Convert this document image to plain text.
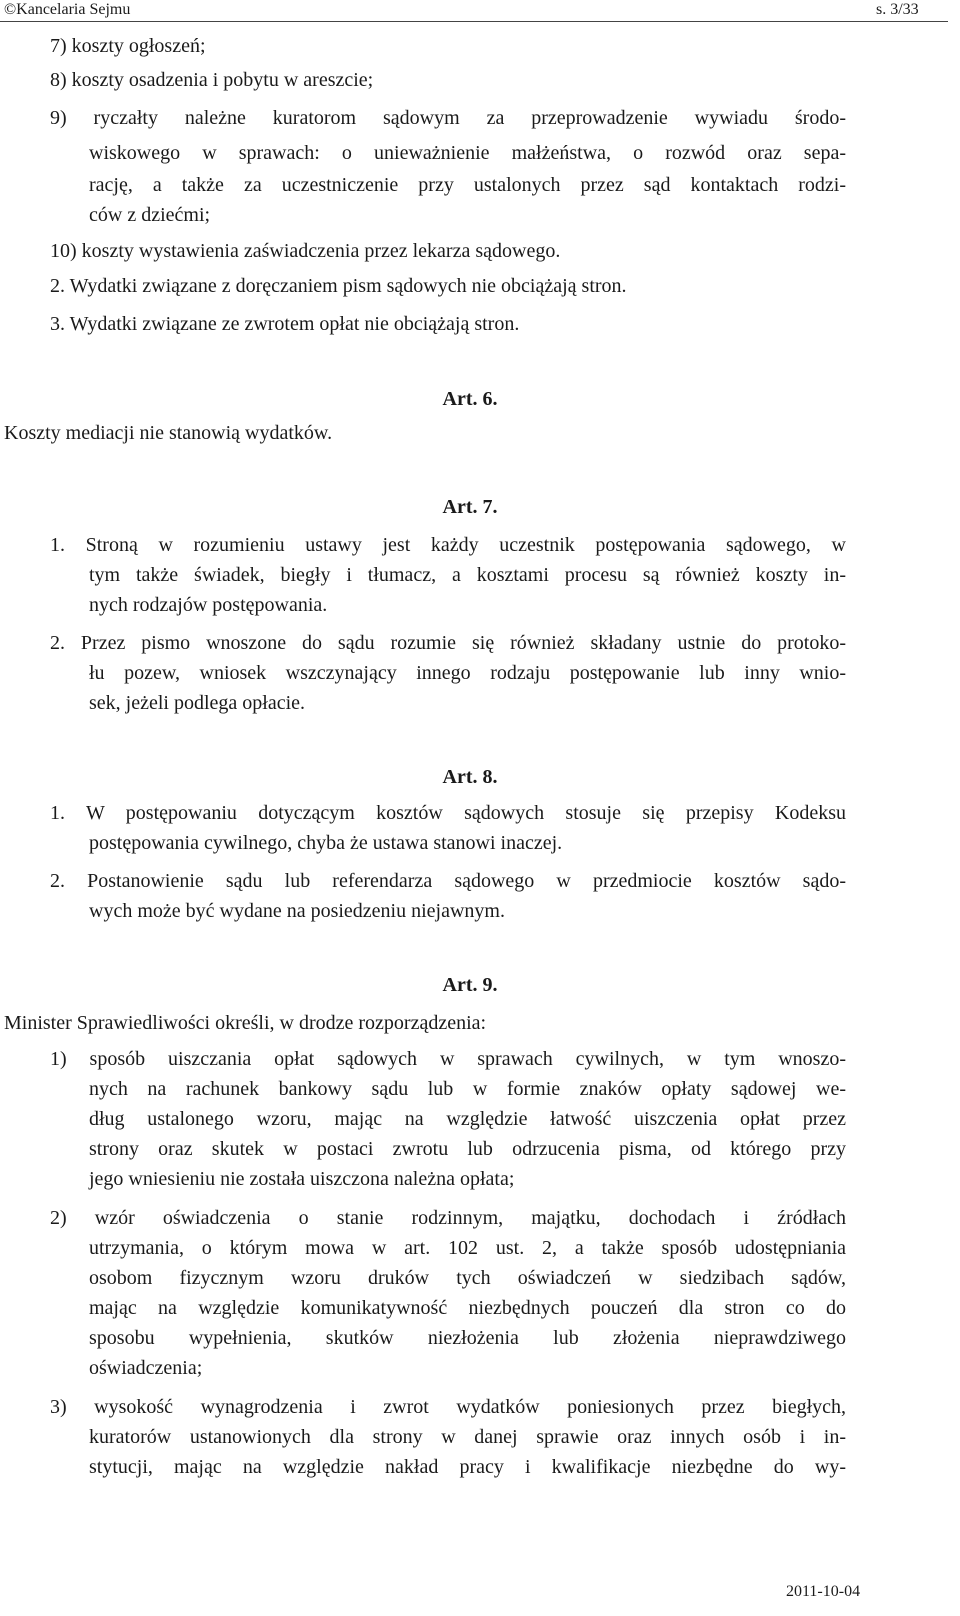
©Kancelaria Sejmu	s. 3/33
7) koszty ogłoszeń;
8) koszty osadzenia i pobytu w areszcie;
9) ryczałty należne kuratorom sądowym za przeprowadzenie wywiadu środo-
wiskowego w sprawach: o unieważnienie małżeństwa, o rozwód oraz sepa-
rację, a także za uczestniczenie przy ustalonych przez sąd kontaktach rodzi-
ców z dziećmi;
10) koszty wystawienia zaświadczenia przez lekarza sądowego.
2. Wydatki związane z doręczaniem pism sądowych nie obciążają stron.
3. Wydatki związane ze zwrotem opłat nie obciążają stron.
Art. 6.
Koszty mediacji nie stanowią wydatków.
Art. 7.
1. Stroną w rozumieniu ustawy jest każdy uczestnik postępowania sądowego, w
tym także świadek, biegły i tłumacz, a kosztami procesu są również koszty in-
nych rodzajów postępowania.
2. Przez pismo wnoszone do sądu rozumie się również składany ustnie do protoko-
łu pozew, wniosek wszczynający innego rodzaju postępowanie lub inny wnio-
sek, jeżeli podlega opłacie.
Art. 8.
1. W postępowaniu dotyczącym kosztów sądowych stosuje się przepisy Kodeksu
postępowania cywilnego, chyba że ustawa stanowi inaczej.
2. Postanowienie sądu lub referendarza sądowego w przedmiocie kosztów sądo-
wych może być wydane na posiedzeniu niejawnym.
Art. 9.
Minister Sprawiedliwości określi, w drodze rozporządzenia:
1) sposób uiszczania opłat sądowych w sprawach cywilnych, w tym wnoszo-
nych na rachunek bankowy sądu lub w formie znaków opłaty sądowej we-
dług ustalonego wzoru, mając na względzie łatwość uiszczenia opłat przez
strony oraz skutek w postaci zwrotu lub odrzucenia pisma, od którego przy
jego wniesieniu nie została uiszczona należna opłata;
2) wzór oświadczenia o stanie rodzinnym, majątku, dochodach i źródłach
utrzymania, o którym mowa w art. 102 ust. 2, a także sposób udostępniania
osobom fizycznym wzoru druków tych oświadczeń w siedzibach sądów,
mając na względzie komunikatywność niezbędnych pouczeń dla stron co do
sposobu wypełnienia, skutków niezłożenia lub złożenia nieprawdziwego
oświadczenia;
3) wysokość wynagrodzenia i zwrot wydatków poniesionych przez biegłych,
kuratorów ustanowionych dla strony w danej sprawie oraz innych osób i in-
stytucji, mając na względzie nakład pracy i kwalifikacje niezbędne do wy-
2011-10-04
